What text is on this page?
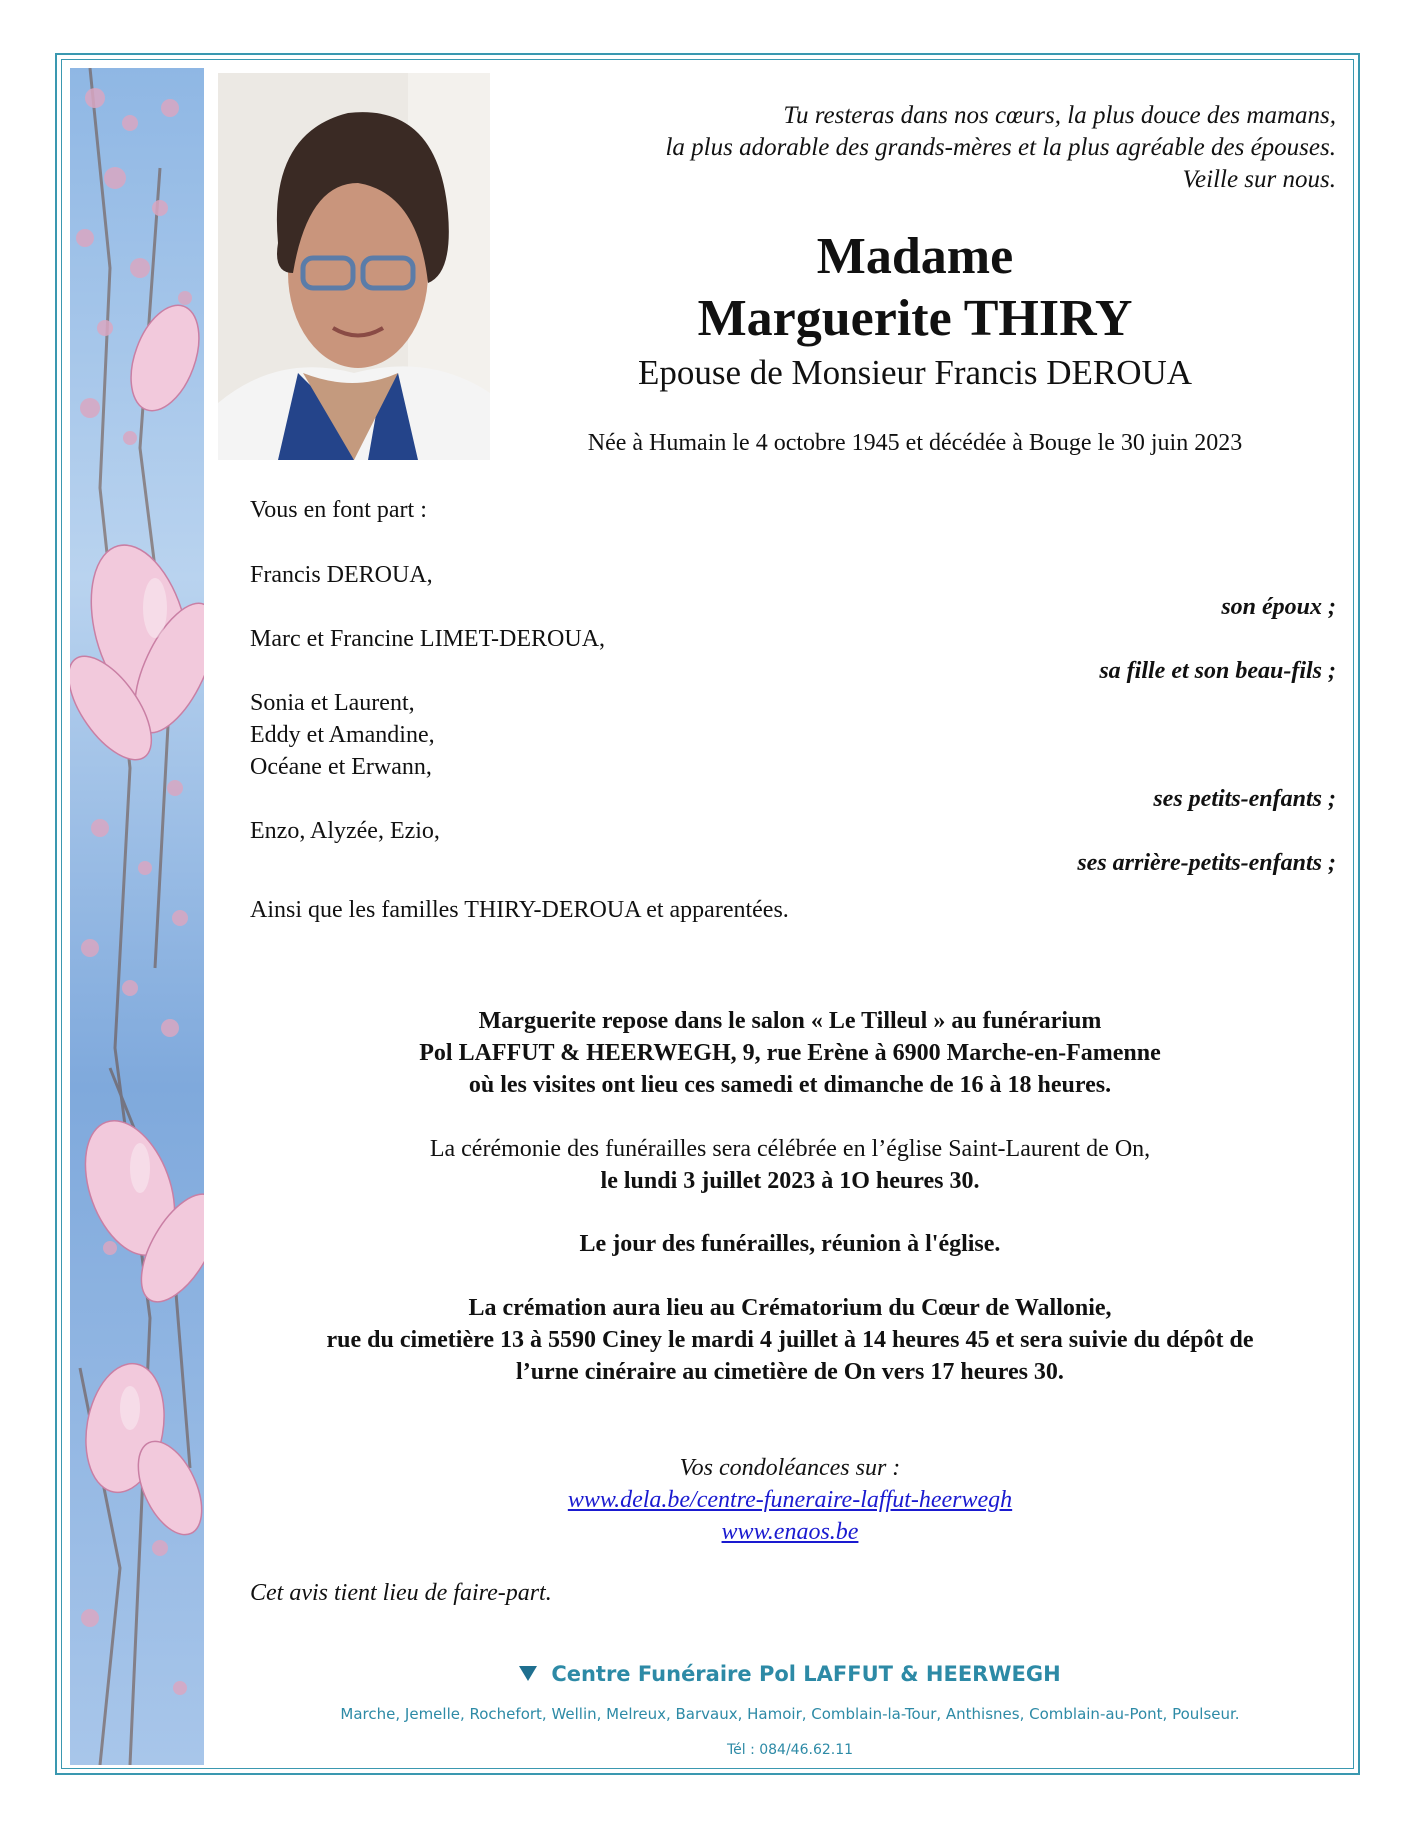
Tu resteras dans nos cœurs, la plus douce des mamans,
la plus adorable des grands-mères et la plus agréable des épouses.
Veille sur nous.
Madame
Marguerite THIRY
Epouse de Monsieur Francis DEROUA
Née à Humain le 4 octobre 1945 et décédée à Bouge le 30 juin 2023
Vous en font part :
Francis DEROUA,
son époux ;
Marc et Francine LIMET-DEROUA,
sa fille et son beau-fils ;
Sonia et Laurent,
Eddy et Amandine,
Océane et Erwann,
ses petits-enfants ;
Enzo, Alyzée, Ezio,
ses arrière-petits-enfants ;
Ainsi que les familles THIRY-DEROUA et apparentées.
Marguerite repose dans le salon « Le Tilleul » au funérarium
Pol LAFFUT & HEERWEGH, 9, rue Erène à 6900 Marche-en-Famenne
où les visites ont lieu ces samedi et dimanche de 16 à 18 heures.
La cérémonie des funérailles sera célébrée en l’église Saint-Laurent de On,
le lundi 3 juillet 2023 à 1O heures 30.
Le jour des funérailles, réunion à l'église.
La crémation aura lieu au Crématorium du Cœur de Wallonie,
rue du cimetière 13 à 5590 Ciney le mardi 4 juillet à 14 heures 45 et sera suivie du dépôt de
l’urne cinéraire au cimetière de On vers 17 heures 30.
Vos condoléances sur :
www.dela.be/centre-funeraire-laffut-heerwegh
www.enaos.be
Cet avis tient lieu de faire-part.
Centre Funéraire Pol LAFFUT & HEERWEGH
Marche, Jemelle, Rochefort, Wellin, Melreux, Barvaux, Hamoir, Comblain-la-Tour, Anthisnes, Comblain-au-Pont, Poulseur.
Tél : 084/46.62.11
